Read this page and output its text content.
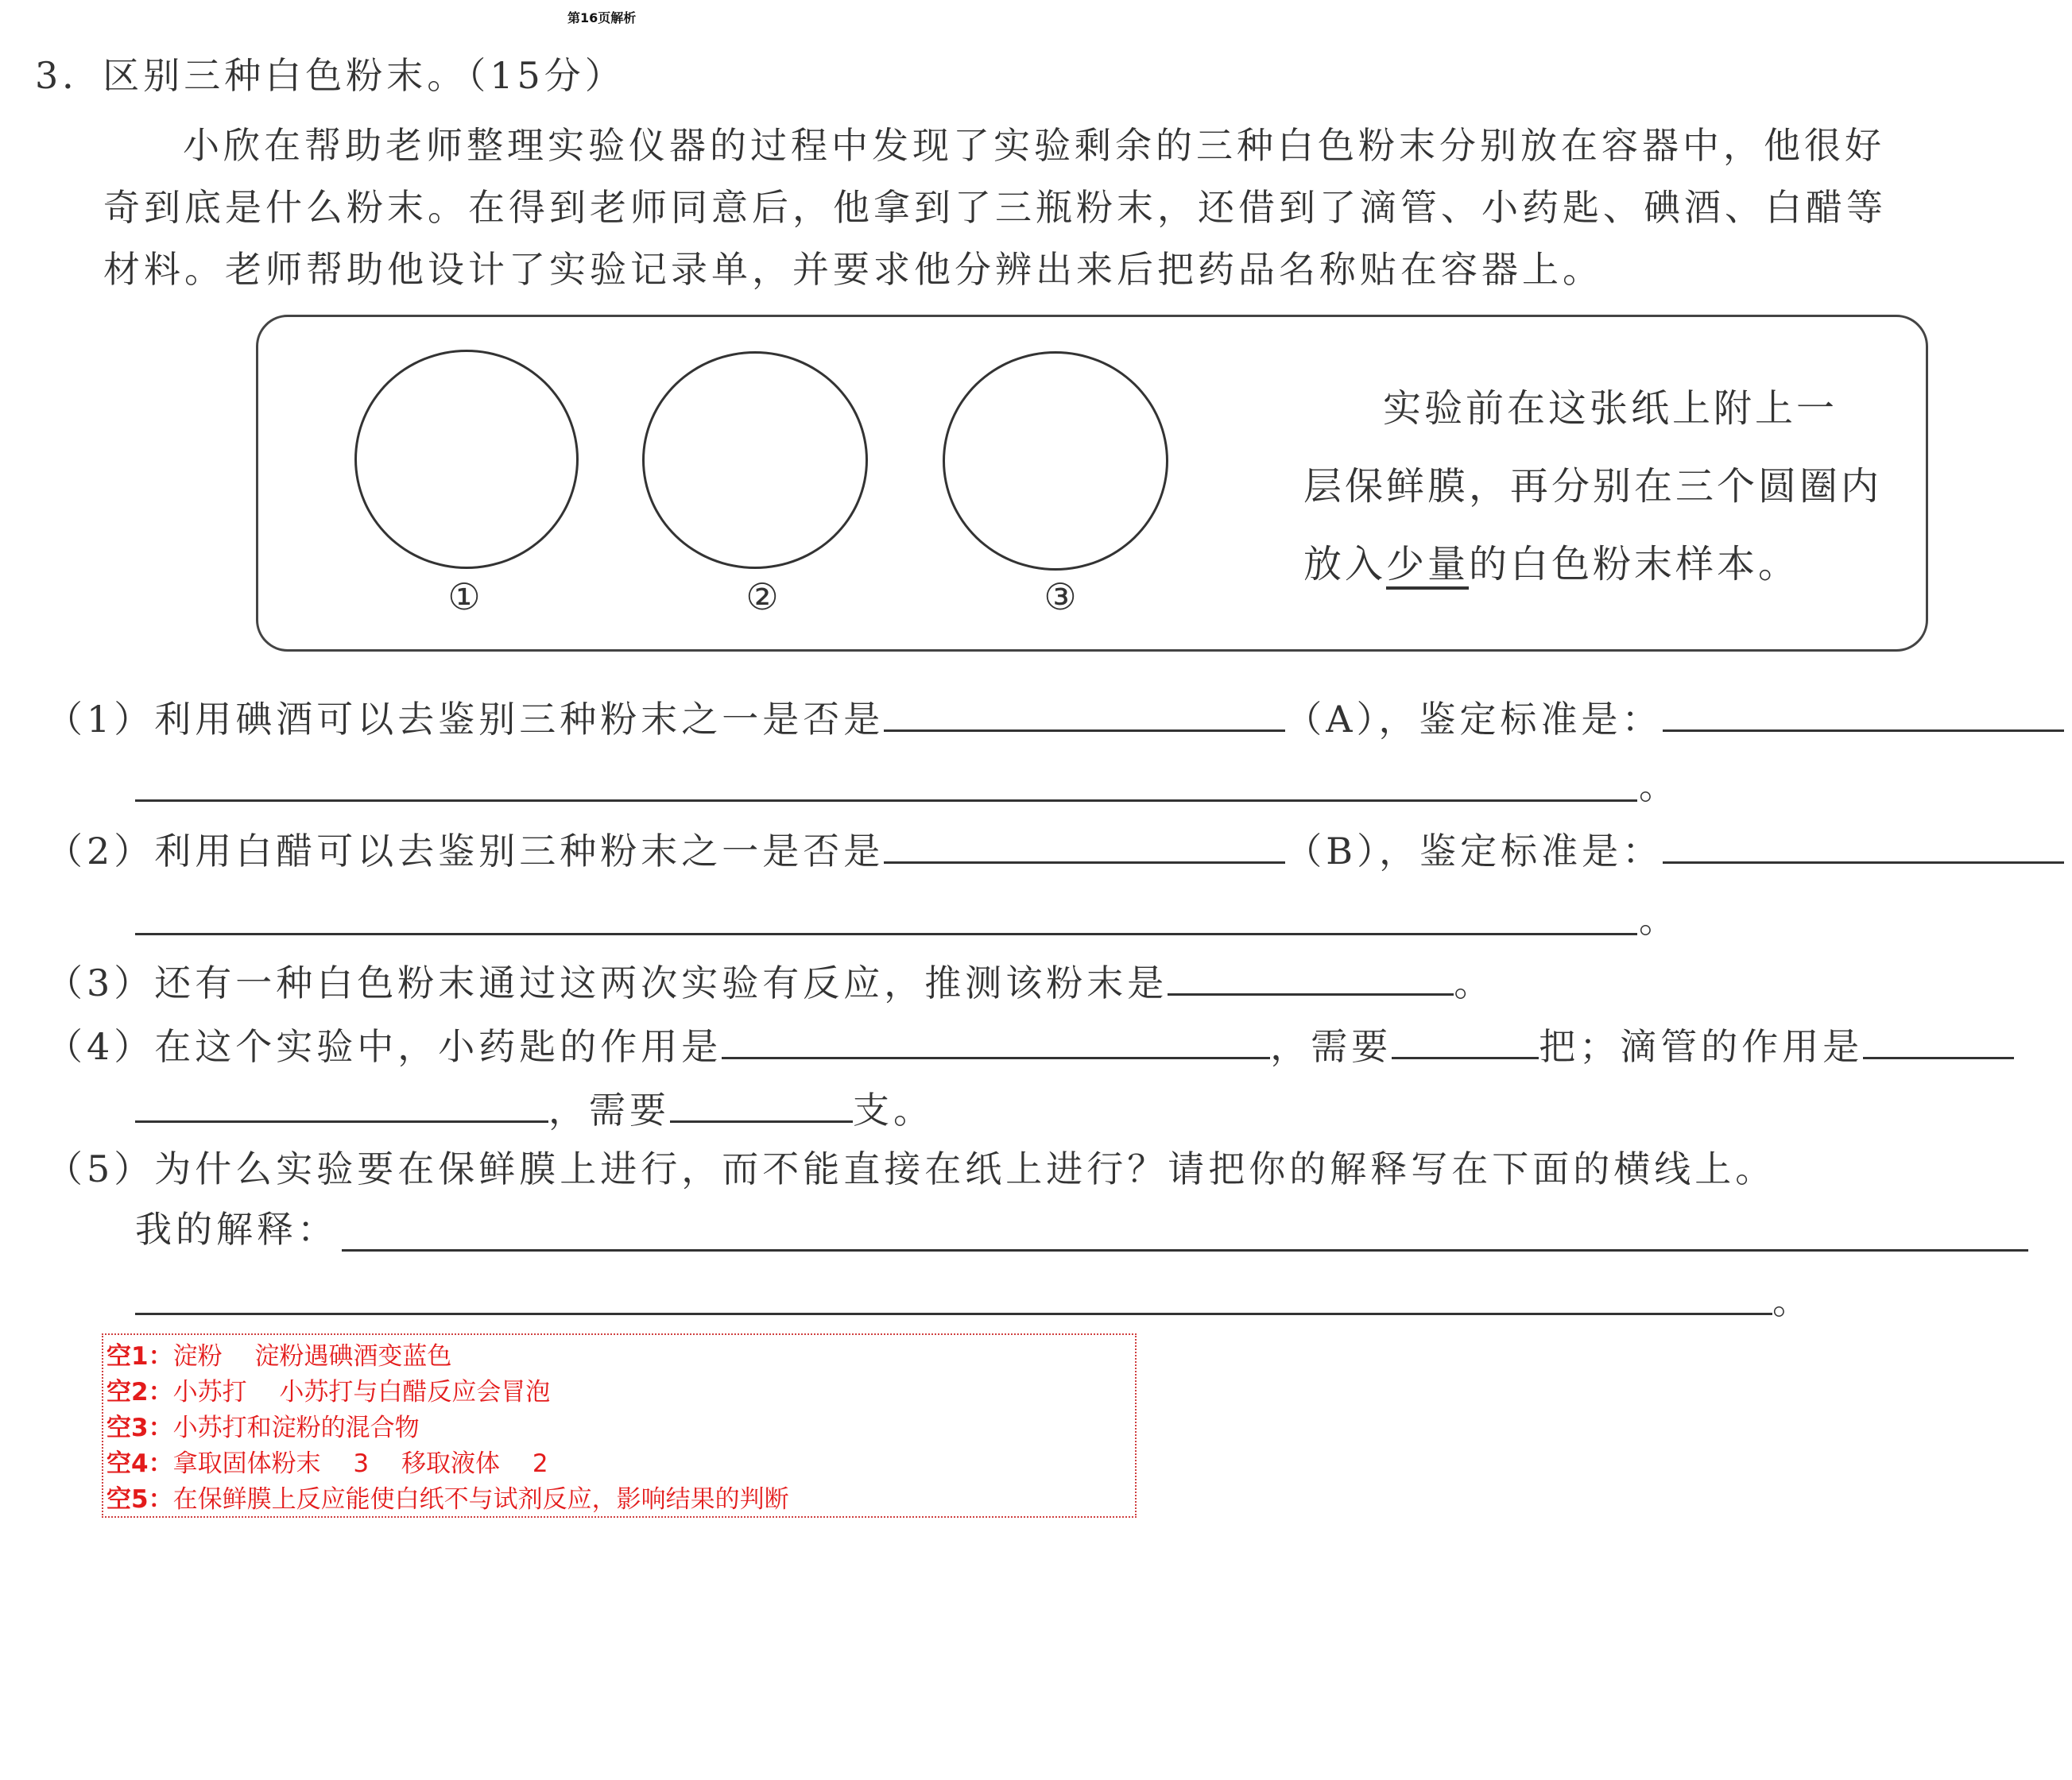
第16页解析
3．区别三种白色粉末。（15分）
小欣在帮助老师整理实验仪器的过程中发现了实验剩余的三种白色粉末分别放在容器中，他很好
奇到底是什么粉末。在得到老师同意后，他拿到了三瓶粉末，还借到了滴管、小药匙、碘酒、白醋等
材料。老师帮助他设计了实验记录单，并要求他分辨出来后把药品名称贴在容器上。
①	②	③
实验前在这张纸上附上一
层保鲜膜，再分别在三个圆圈内
放入少量的白色粉末样本。
（1）利用碘酒可以去鉴别三种粉末之一是否是	（A），鉴定标准是：
。
（2）利用白醋可以去鉴别三种粉末之一是否是	（B），鉴定标准是：
。
（3）还有一种白色粉末通过这两次实验有反应，推测该粉末是	。
（4）在这个实验中，小药匙的作用是	，需要	把；滴管的作用是
，需要	支。
（5）为什么实验要在保鲜膜上进行，而不能直接在纸上进行？请把你的解释写在下面的横线上。
我的解释：
。
空1：淀粉　 淀粉遇碘酒变蓝色
空2：小苏打　 小苏打与白醋反应会冒泡
空3：小苏打和淀粉的混合物
空4：拿取固体粉末　 3　 移取液体　 2
空5：在保鲜膜上反应能使白纸不与试剂反应，影响结果的判断
